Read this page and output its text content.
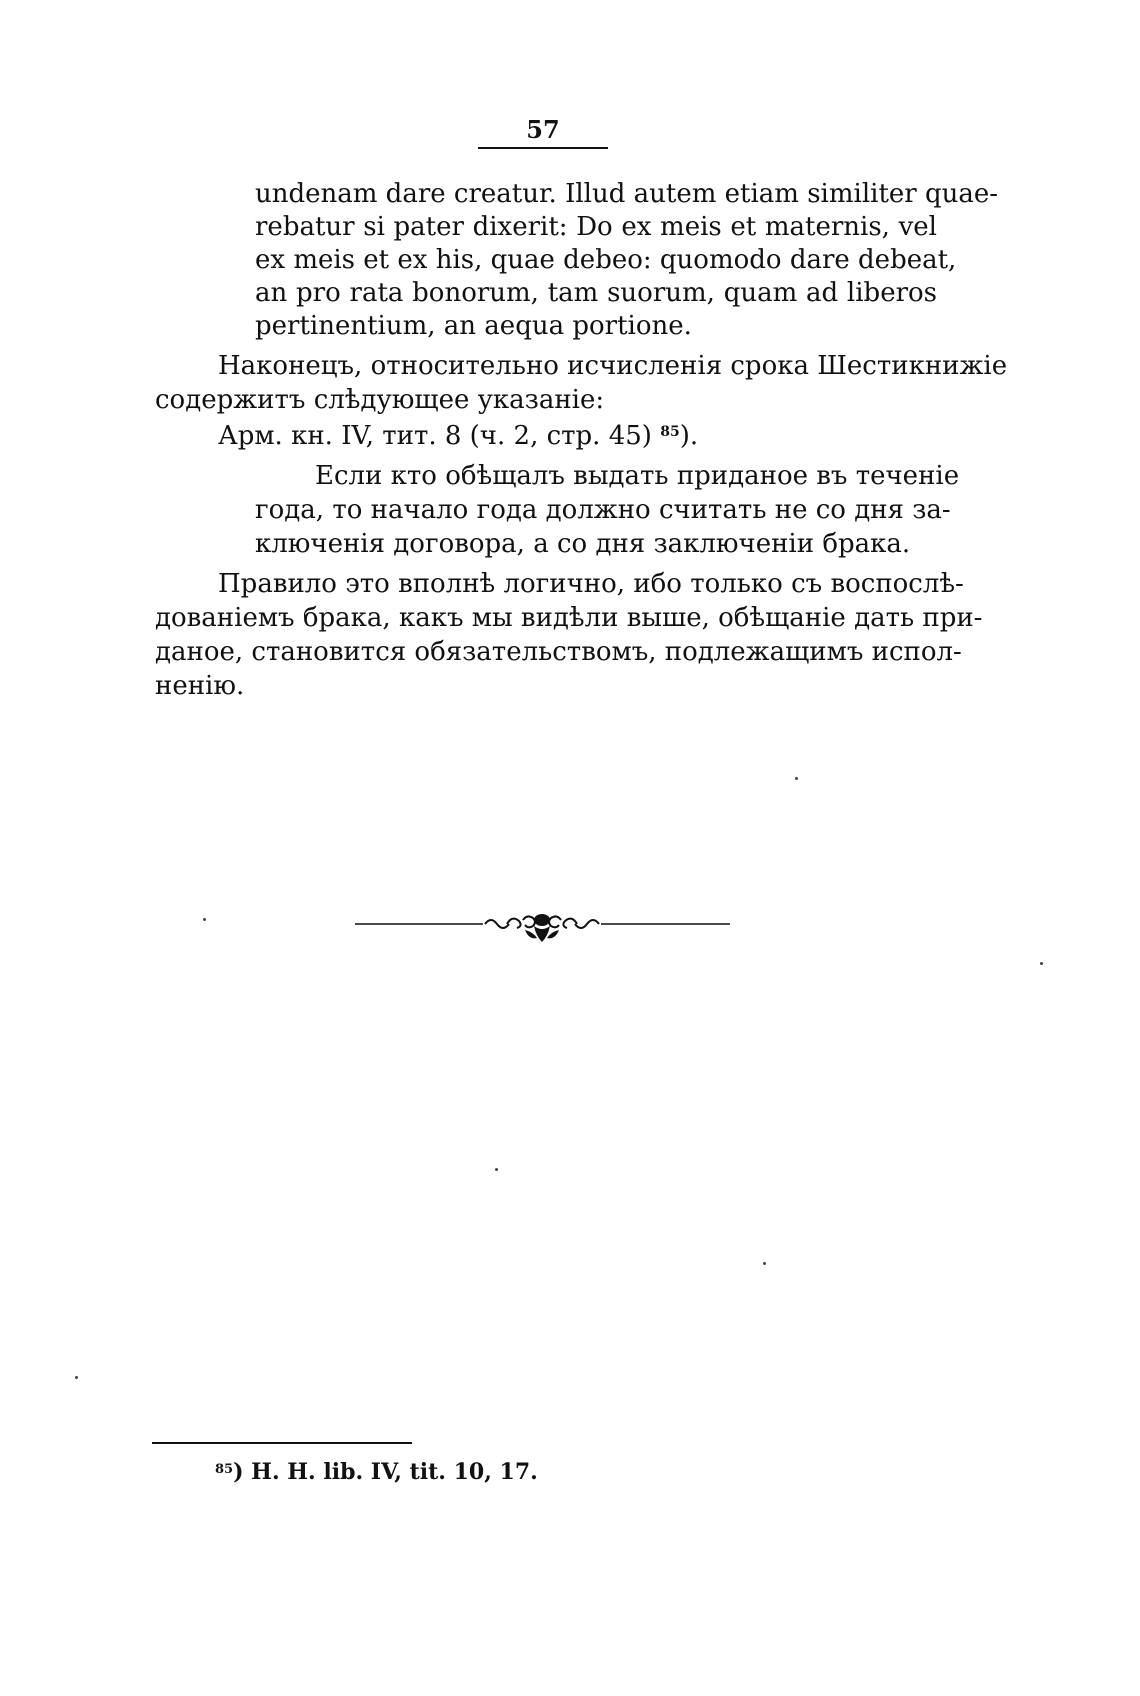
57
undenam dare creatur. Illud autem etiam similiter quae-
rebatur si pater dixerit: Do ex meis et maternis, vel
ex meis et ex his, quae debeo: quomodo dare debeat,
an pro rata bonorum, tam suorum, quam ad liberos
pertinentium, an aequa portione.
Наконецъ, относительно исчисленія срока Шестикнижіе
содержитъ слѣдующее указаніе:
Арм. кн. IV, тит. 8 (ч. 2, стр. 45) $^{85}$).
Если кто обѣщалъ выдать приданое въ теченіе
года, то начало года должно считать не со дня за-
ключенія договора, а со дня заключеніи брака.
Правило это вполнѣ логично, ибо только съ воспослѣ-
дованіемъ брака, какъ мы видѣли выше, обѣщаніе дать при-
даное, становится обязательствомъ, подлежащимъ испол-
ненію.
$^{85}$) Н. Н. lib. IV, tit. 10, 17.
